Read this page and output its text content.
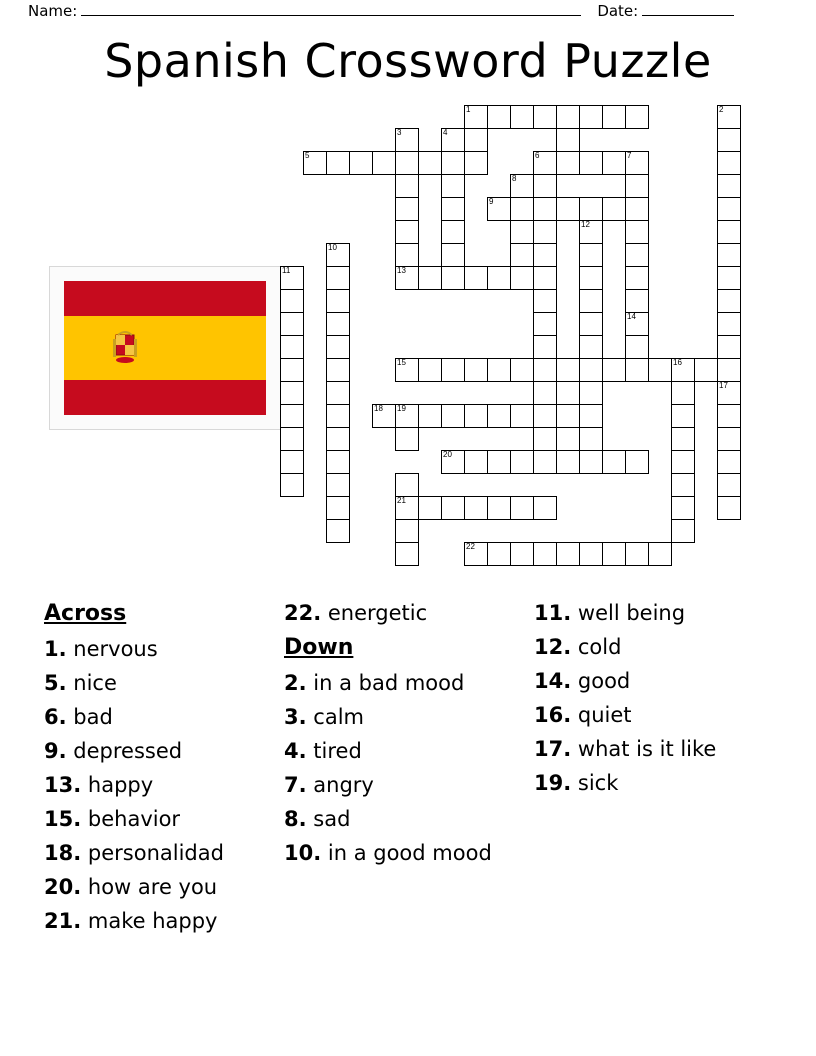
Name:	Date:
Spanish Crossword Puzzle
1	2
3	4
5	6	7
8
9
12
10
11	13
14
15	16
17
18 19
20
21
22
Across
1. nervous
5. nice
6. bad
9. depressed
13. happy
15. behavior
18. personalidad
20. how are you
21. make happy
22. energetic
Down
2. in a bad mood
3. calm
4. tired
7. angry
8. sad
10. in a good mood
11. well being
12. cold
14. good
16. quiet
17. what is it like
19. sick
